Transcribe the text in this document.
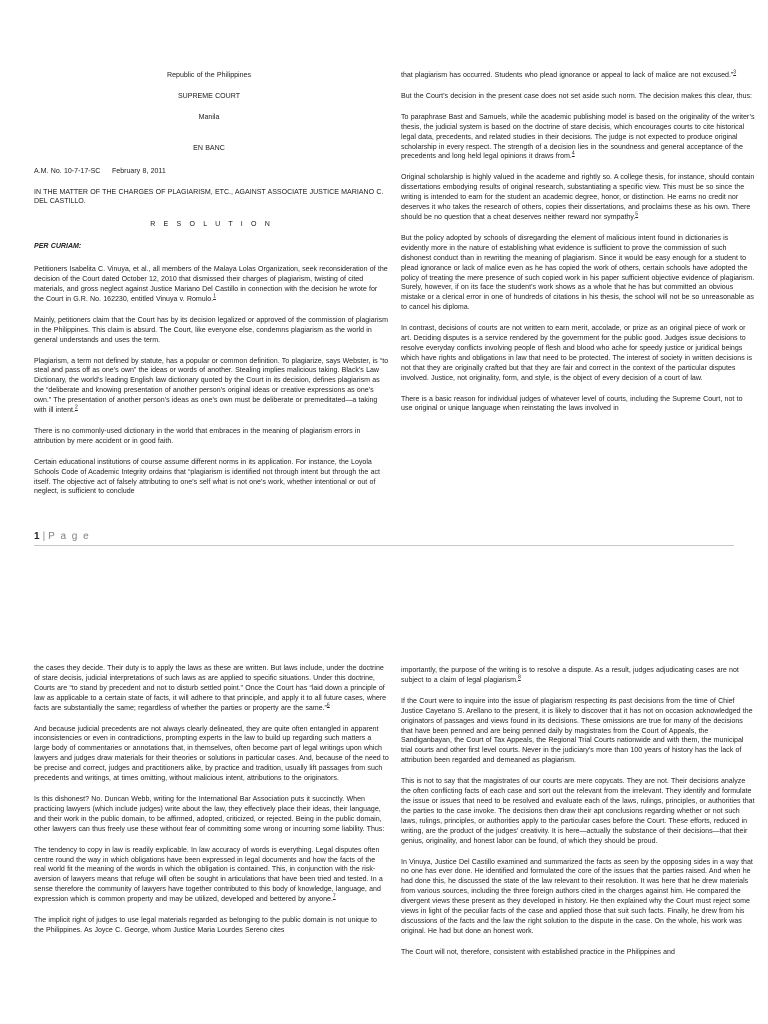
Republic of the Philippines

SUPREME COURT

Manila

EN BANC

A.M. No. 10-7-17-SC	February 8, 2011

IN THE MATTER OF THE CHARGES OF PLAGIARISM, ETC., AGAINST ASSOCIATE JUSTICE MARIANO C. DEL CASTILLO.

R E S O L U T I O N

PER CURIAM:

Petitioners Isabelita C. Vinuya, et al., all members of the Malaya Lolas Organization, seek reconsideration of the decision of the Court dated October 12, 2010 that dismissed their charges of plagiarism, twisting of cited materials, and gross neglect against Justice Mariano Del Castillo in connection with the decision he wrote for the Court in G.R. No. 162230, entitled Vinuya v. Romulo.$^1$

Mainly, petitioners claim that the Court has by its decision legalized or approved of the commission of plagiarism in the Philippines. This claim is absurd. The Court, like everyone else, condemns plagiarism as the world in general understands and uses the term.

Plagiarism, a term not defined by statute, has a popular or common definition. To plagiarize, says Webster, is “to steal and pass off as one’s own” the ideas or words of another. Stealing implies malicious taking. Black’s Law Dictionary, the world’s leading English law dictionary quoted by the Court in its decision, defines plagiarism as the “deliberate and knowing presentation of another person’s original ideas or creative expressions as one’s own.” The presentation of another person’s ideas as one’s own must be deliberate or premeditated—a taking with ill intent.$^2$

There is no commonly-used dictionary in the world that embraces in the meaning of plagiarism errors in attribution by mere accident or in good faith.

Certain educational institutions of course assume different norms in its application. For instance, the Loyola Schools Code of Academic Integrity ordains that “plagiarism is identified not through intent but through the act itself. The objective act of falsely attributing to one’s self what is not one’s work, whether intentional or out of neglect, is sufficient to conclude

that plagiarism has occurred. Students who plead ignorance or appeal to lack of malice are not excused.”$^3$

But the Court’s decision in the present case does not set aside such norm. The decision makes this clear, thus:

To paraphrase Bast and Samuels, while the academic publishing model is based on the originality of the writer’s thesis, the judicial system is based on the doctrine of stare decisis, which encourages courts to cite historical legal data, precedents, and related studies in their decisions. The judge is not expected to produce original scholarship in every respect. The strength of a decision lies in the soundness and general acceptance of the precedents and long held legal opinions it draws from.$^4$

Original scholarship is highly valued in the academe and rightly so. A college thesis, for instance, should contain dissertations embodying results of original research, substantiating a specific view. This must be so since the writing is intended to earn for the student an academic degree, honor, or distinction. He earns no credit nor deserves it who takes the research of others, copies their dissertations, and proclaims these as his own. There should be no question that a cheat deserves neither reward nor sympathy.$^5$

But the policy adopted by schools of disregarding the element of malicious intent found in dictionaries is evidently more in the nature of establishing what evidence is sufficient to prove the commission of such dishonest conduct than in rewriting the meaning of plagiarism. Since it would be easy enough for a student to plead ignorance or lack of malice even as he has copied the work of others, certain schools have adopted the policy of treating the mere presence of such copied work in his paper sufficient objective evidence of plagiarism. Surely, however, if on its face the student’s work shows as a whole that he has but committed an obvious mistake or a clerical error in one of hundreds of citations in his thesis, the school will not be so unreasonable as to cancel his diploma.

In contrast, decisions of courts are not written to earn merit, accolade, or prize as an original piece of work or art. Deciding disputes is a service rendered by the government for the public good. Judges issue decisions to resolve everyday conflicts involving people of flesh and blood who ache for speedy justice or juridical beings which have rights and obligations in law that need to be protected. The interest of society in written decisions is not that they are originally crafted but that they are fair and correct in the context of the particular disputes involved. Justice, not originality, form, and style, is the object of every decision of a court of law.

There is a basic reason for individual judges of whatever level of courts, including the Supreme Court, not to use original or unique language when reinstating the laws involved in

1 | P a g e

the cases they decide. Their duty is to apply the laws as these are written. But laws include, under the doctrine of stare decisis, judicial interpretations of such laws as are applied to specific situations. Under this doctrine, Courts are “to stand by precedent and not to disturb settled point.” Once the Court has “laid down a principle of law as applicable to a certain state of facts, it will adhere to that principle, and apply it to all future cases, where facts are substantially the same; regardless of whether the parties or property are the same.”$^6$

And because judicial precedents are not always clearly delineated, they are quite often entangled in apparent inconsistencies or even in contradictions, prompting experts in the law to build up regarding such matters a large body of commentaries or annotations that, in themselves, often become part of legal writings upon which lawyers and judges draw materials for their theories or solutions in particular cases. And, because of the need to be precise and correct, judges and practitioners alike, by practice and tradition, usually lift passages from such precedents and writings, at times omitting, without malicious intent, attributions to the originators.

Is this dishonest? No. Duncan Webb, writing for the International Bar Association puts it succinctly. When practicing lawyers (which include judges) write about the law, they effectively place their ideas, their language, and their work in the public domain, to be affirmed, adopted, criticized, or rejected. Being in the public domain, other lawyers can thus freely use these without fear of committing some wrong or incurring some liability. Thus:

The tendency to copy in law is readily explicable. In law accuracy of words is everything. Legal disputes often centre round the way in which obligations have been expressed in legal documents and how the facts of the real world fit the meaning of the words in which the obligation is contained. This, in conjunction with the risk-aversion of lawyers means that refuge will often be sought in articulations that have been tried and tested. In a sense therefore the community of lawyers have together contributed to this body of knowledge, language, and expression which is common property and may be utilized, developed and bettered by anyone.$^7$

The implicit right of judges to use legal materials regarded as belonging to the public domain is not unique to the Philippines. As Joyce C. George, whom Justice Maria Lourdes Sereno cites

importantly, the purpose of the writing is to resolve a dispute. As a result, judges adjudicating cases are not subject to a claim of legal plagiarism.$^8$

If the Court were to inquire into the issue of plagiarism respecting its past decisions from the time of Chief Justice Cayetano S. Arellano to the present, it is likely to discover that it has not on occasion acknowledged the originators of passages and views found in its decisions. These omissions are true for many of the decisions that have been penned and are being penned daily by magistrates from the Court of Appeals, the Sandiganbayan, the Court of Tax Appeals, the Regional Trial Courts nationwide and with them, the municipal trial courts and other first level courts. Never in the judiciary’s more than 100 years of history has the lack of attribution been regarded and demeaned as plagiarism.

This is not to say that the magistrates of our courts are mere copycats. They are not. Their decisions analyze the often conflicting facts of each case and sort out the relevant from the irrelevant. They identify and formulate the issue or issues that need to be resolved and evaluate each of the laws, rulings, principles, or authorities that the parties to the case invoke. The decisions then draw their apt conclusions regarding whether or not such laws, rulings, principles, or authorities apply to the particular cases before the Court. These efforts, reduced in writing, are the product of the judges’ creativity. It is here—actually the substance of their decisions—that their genius, originality, and honest labor can be found, of which they should be proud.

In Vinuya, Justice Del Castillo examined and summarized the facts as seen by the opposing sides in a way that no one has ever done. He identified and formulated the core of the issues that the parties raised. And when he had done this, he discussed the state of the law relevant to their resolution. It was here that he drew materials from various sources, including the three foreign authors cited in the charges against him. He compared the divergent views these present as they developed in history. He then explained why the Court must reject some views in light of the peculiar facts of the case and applied those that suit such facts. Finally, he drew from his discussions of the facts and the law the right solution to the dispute in the case. On the whole, his work was original. He had but done an honest work.

The Court will not, therefore, consistent with established practice in the Philippines and
